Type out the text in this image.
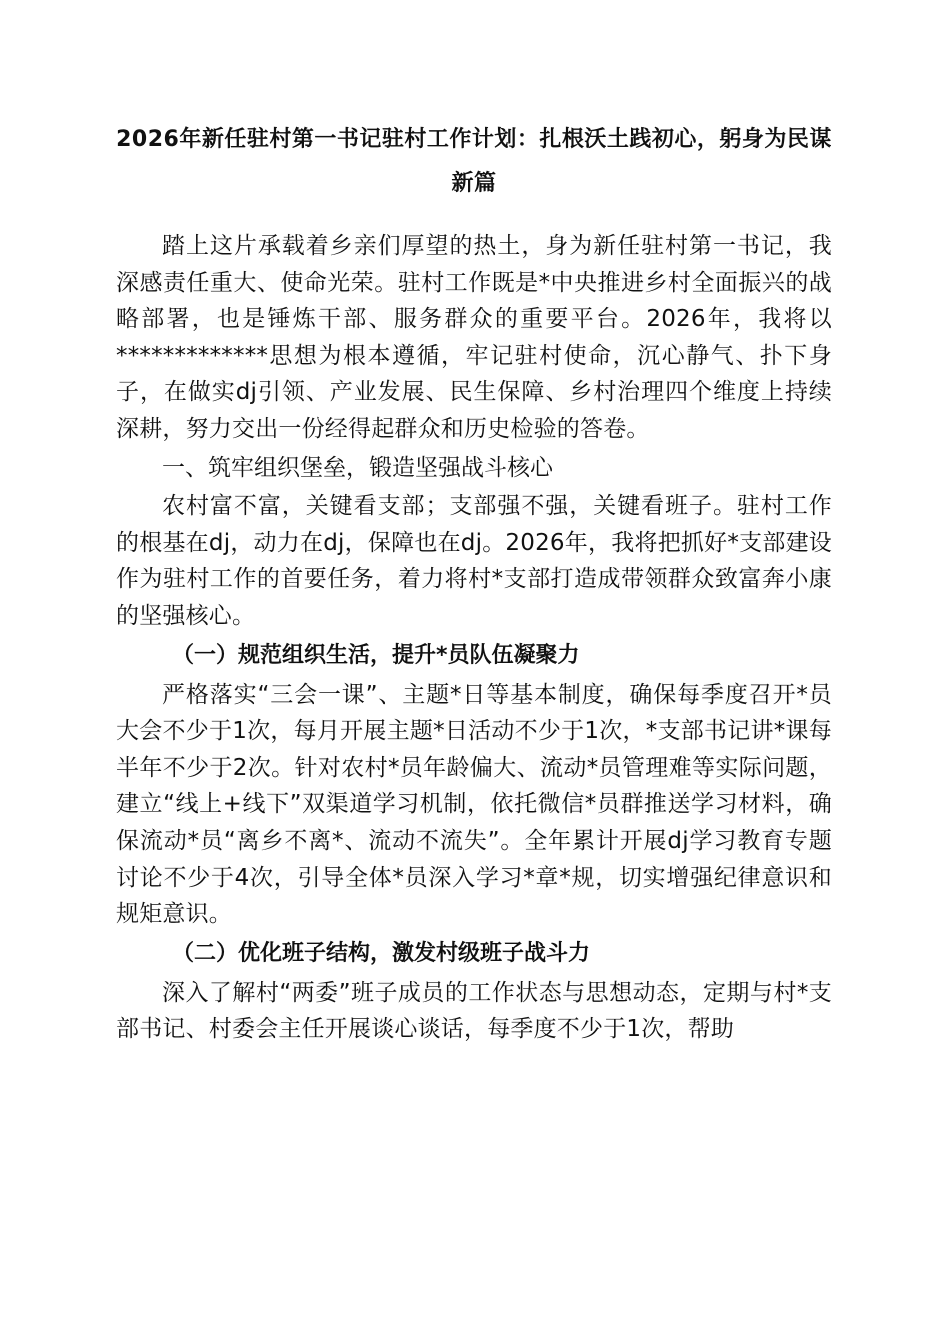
2026年新任驻村第一书记驻村工作计划：扎根沃土践初心，躬身为民谋新篇

踏上这片承载着乡亲们厚望的热土，身为新任驻村第一书记，我深感责任重大、使命光荣。驻村工作既是*中央推进乡村全面振兴的战略部署，也是锤炼干部、服务群众的重要平台。2026年，我将以*************思想为根本遵循，牢记驻村使命，沉心静气、扑下身子，在做实dj引领、产业发展、民生保障、乡村治理四个维度上持续深耕，努力交出一份经得起群众和历史检验的答卷。

一、筑牢组织堡垒，锻造坚强战斗核心

农村富不富，关键看支部；支部强不强，关键看班子。驻村工作的根基在dj，动力在dj，保障也在dj。2026年，我将把抓好*支部建设作为驻村工作的首要任务，着力将村*支部打造成带领群众致富奔小康的坚强核心。

（一）规范组织生活，提升*员队伍凝聚力

严格落实“三会一课”、主题*日等基本制度，确保每季度召开*员大会不少于1次，每月开展主题*日活动不少于1次，*支部书记讲*课每半年不少于2次。针对农村*员年龄偏大、流动*员管理难等实际问题，建立“线上+线下”双渠道学习机制，依托微信*员群推送学习材料，确保流动*员“离乡不离*、流动不流失”。全年累计开展dj学习教育专题讨论不少于4次，引导全体*员深入学习*章*规，切实增强纪律意识和规矩意识。

（二）优化班子结构，激发村级班子战斗力

深入了解村“两委”班子成员的工作状态与思想动态，定期与村*支部书记、村委会主任开展谈心谈话，每季度不少于1次，帮助
